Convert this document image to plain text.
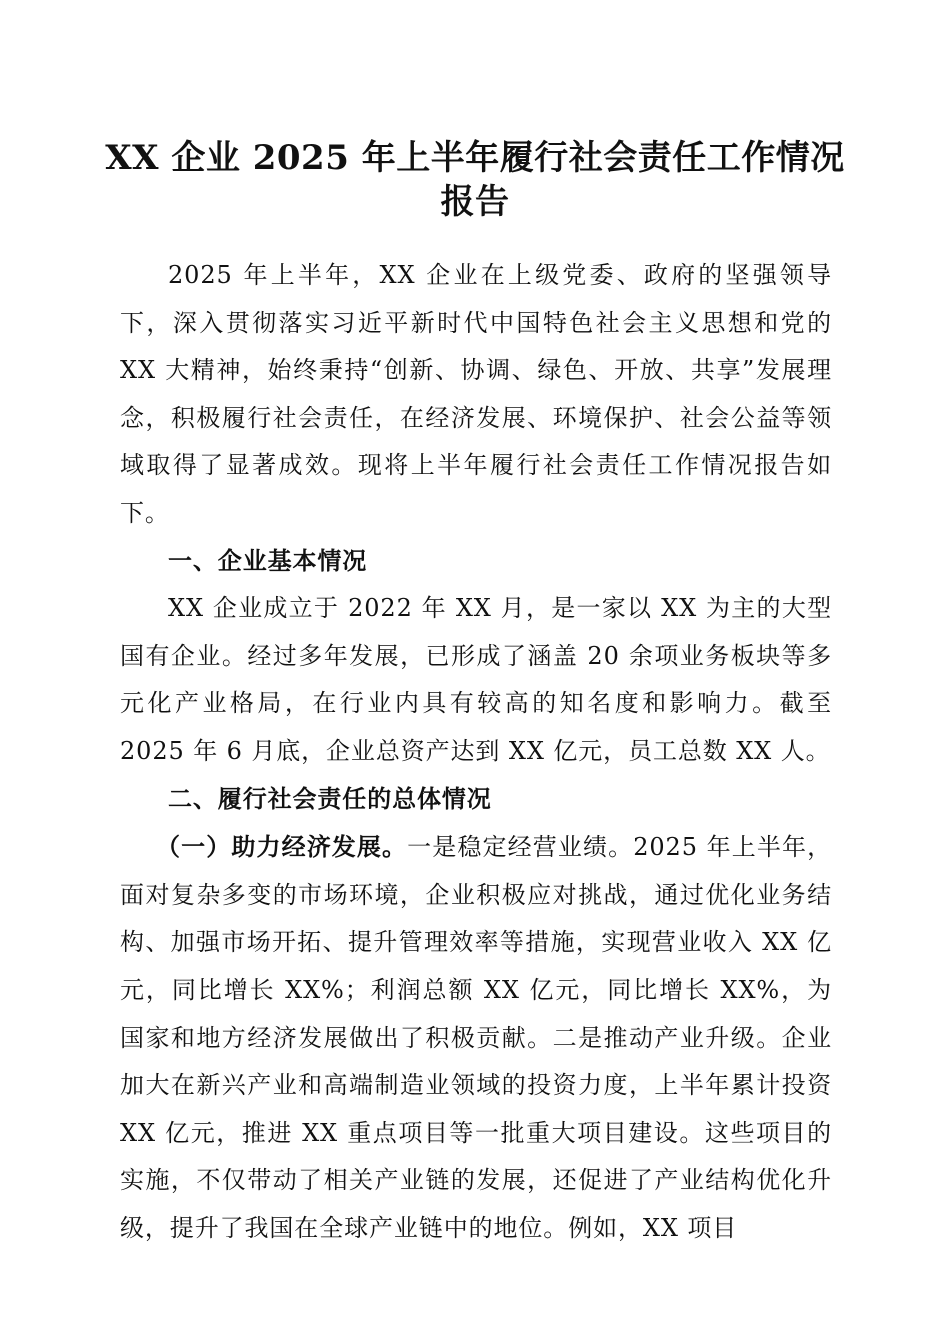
XX 企业 2025 年上半年履行社会责任工作情况
报告

2025 年上半年，XX 企业在上级党委、政府的坚强领导下，深入贯彻落实习近平新时代中国特色社会主义思想和党的 XX 大精神，始终秉持“创新、协调、绿色、开放、共享”发展理念，积极履行社会责任，在经济发展、环境保护、社会公益等领域取得了显著成效。现将上半年履行社会责任工作情况报告如下。

一、企业基本情况

XX 企业成立于 2022 年 XX 月，是一家以 XX 为主的大型国有企业。经过多年发展，已形成了涵盖 20 余项业务板块等多元化产业格局，在行业内具有较高的知名度和影响力。截至 2025 年 6 月底，企业总资产达到 XX 亿元，员工总数 XX 人。

二、履行社会责任的总体情况

（一）助力经济发展。一是稳定经营业绩。2025 年上半年，面对复杂多变的市场环境，企业积极应对挑战，通过优化业务结构、加强市场开拓、提升管理效率等措施，实现营业收入 XX 亿元，同比增长 XX%；利润总额 XX 亿元，同比增长 XX%，为国家和地方经济发展做出了积极贡献。二是推动产业升级。企业加大在新兴产业和高端制造业领域的投资力度，上半年累计投资 XX 亿元，推进 XX 重点项目等一批重大项目建设。这些项目的实施，不仅带动了相关产业链的发展，还促进了产业结构优化升级，提升了我国在全球产业链中的地位。例如，XX 项目
